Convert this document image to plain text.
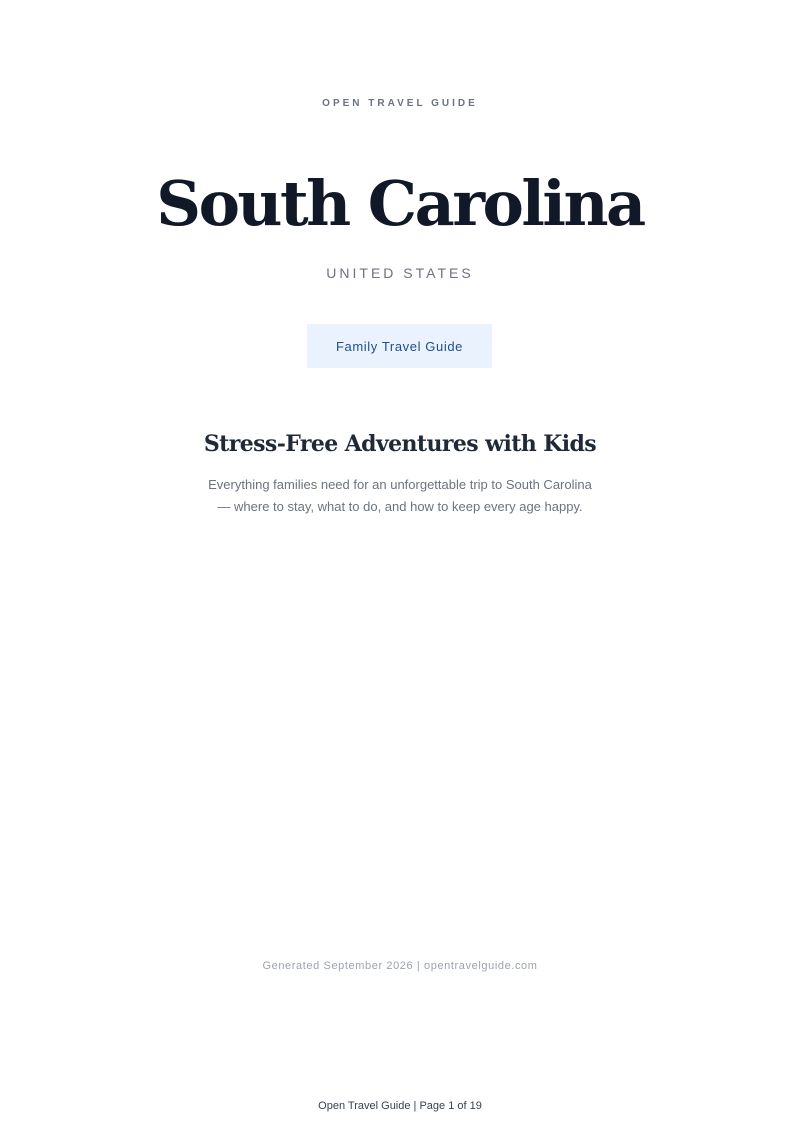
OPEN TRAVEL GUIDE
South Carolina
UNITED STATES
Family Travel Guide
Stress-Free Adventures with Kids

Everything families need for an unforgettable trip to South Carolina — where to stay, what to do, and how to keep every age happy.

Generated September 2026 | opentravelguide.com
Open Travel Guide | Page 1 of 19
